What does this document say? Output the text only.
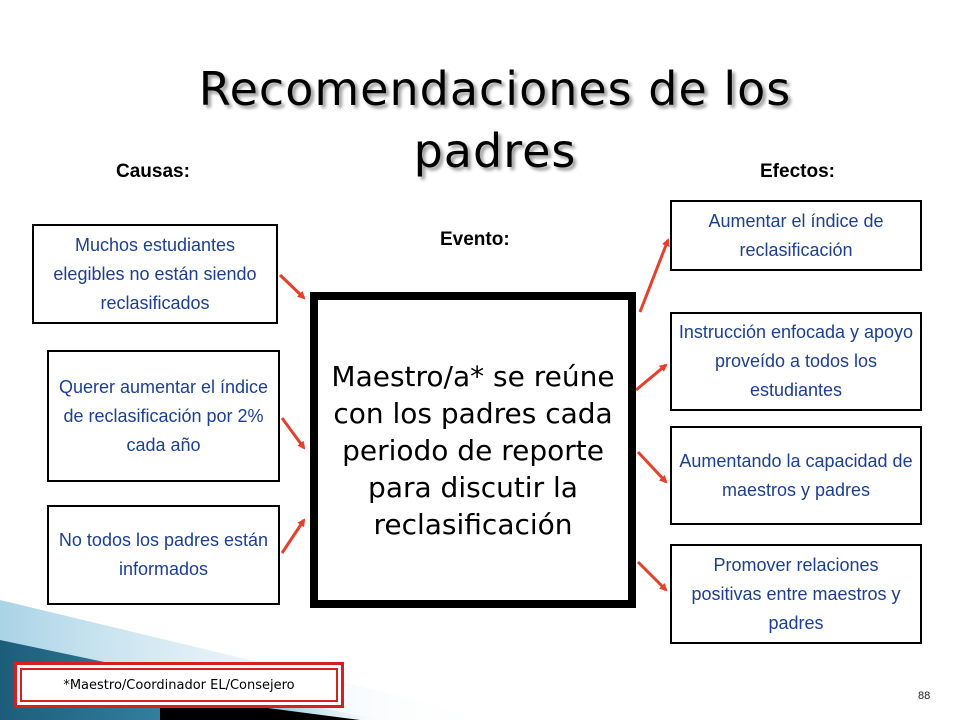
Recomendaciones de los padres
Causas:
Evento:
Efectos:
Muchos estudiantes elegibles no están siendo reclasificados
Querer aumentar el índice de reclasificación por 2% cada año
No todos los padres están informados
Maestro/a* se reúne con los padres cada periodo de reporte para discutir la reclasificación
Aumentar el índice de reclasificación
Instrucción enfocada y apoyo proveído a todos los estudiantes
Aumentando la capacidad de maestros y padres
Promover relaciones positivas entre maestros y padres
*Maestro/Coordinador EL/Consejero
88
